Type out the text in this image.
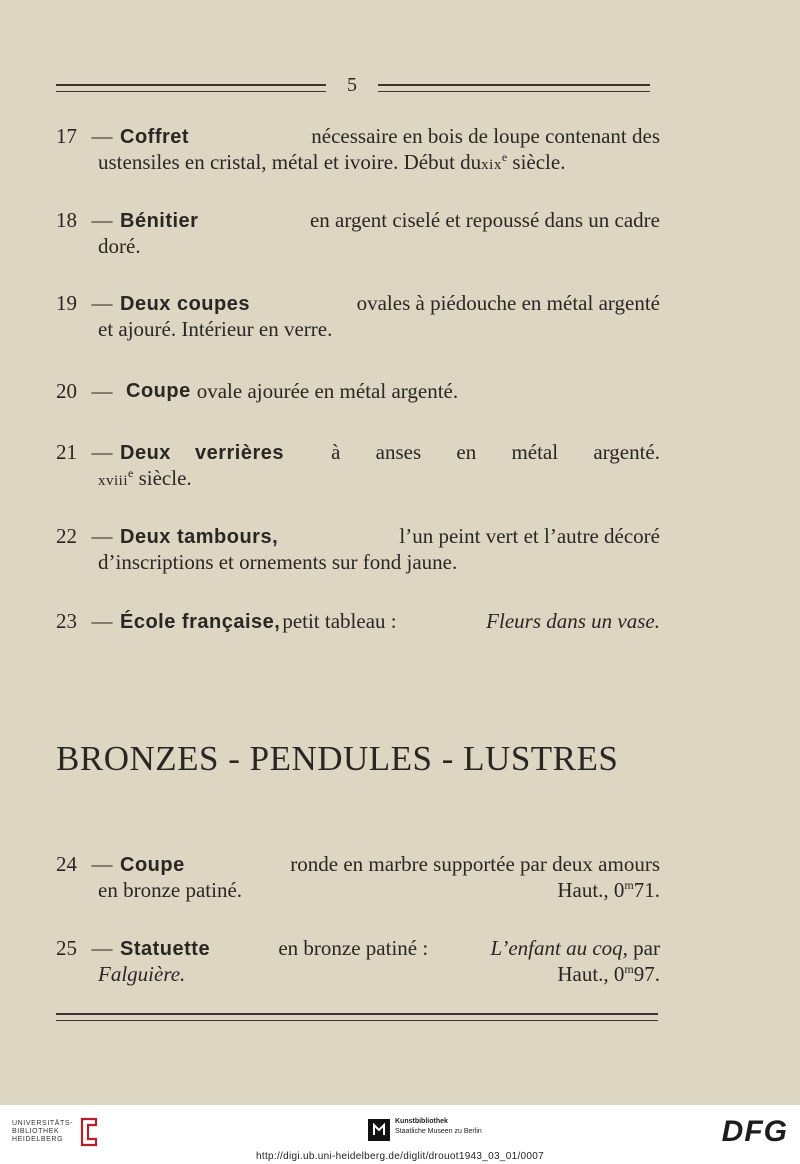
5
17 — Coffret	nécessaire en bois de loupe contenant des
ustensiles en cristal, métal et ivoire. Début duxix$^e$ siècle.
18 — Bénitier	en argent ciselé et repoussé dans un cadre
doré.
19 — Deux coupes	ovales à piédouche en métal argenté
et ajouré. Intérieur en verre.
20 — Coupe ovale ajourée en métal argenté.
21 — Deux verrières à anses en métal argenté.
xviii$^e$ siècle.
22 — Deux tambours,	l’un peint vert et l’autre décoré
d’inscriptions et ornements sur fond jaune.
23 — École française,petit tableau :	Fleurs dans un vase.
BRONZES - PENDULES - LUSTRES
24 — Coupe	ronde en marbre supportée par deux amours
en bronze patiné.	Haut., 0$^m$71.
25 — Statuette	en bronze patiné :	L’enfant au coq, par
Falguière.	Haut., 0$^m$97.
UNIVERSITÄTS-
BIBLIOTHEK
HEIDELBERG
Kunstbibliothek
Staatliche Museen zu Berlin	DFG
http://digi.ub.uni-heidelberg.de/diglit/drouot1943_03_01/0007
